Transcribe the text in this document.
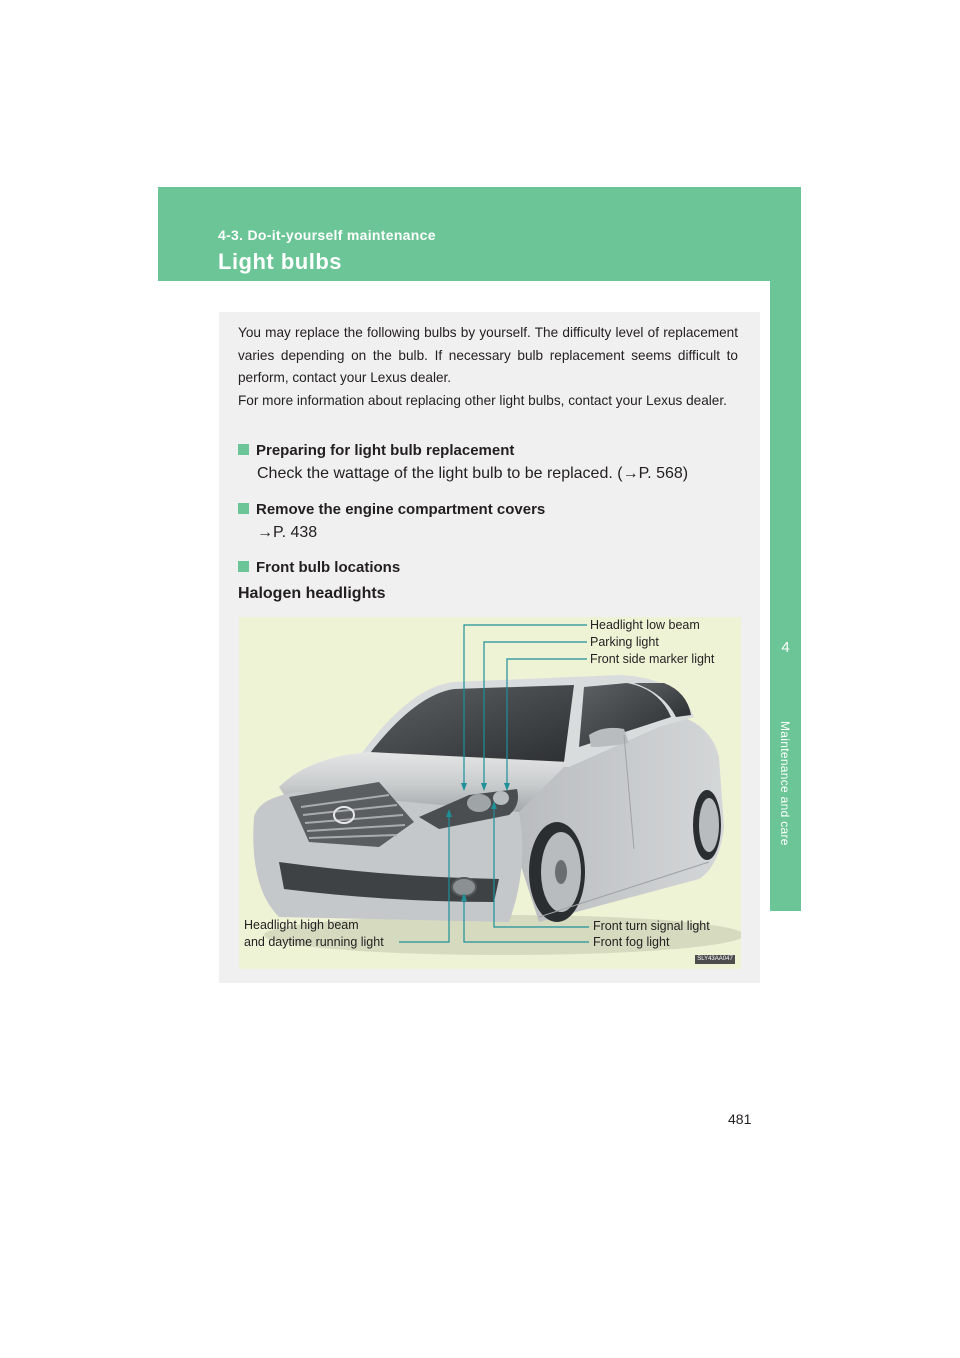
4-3. Do-it-yourself maintenance
Light bulbs
4
Maintenance and care

You may replace the following bulbs by yourself. The difficulty level of replacement varies depending on the bulb. If necessary bulb replacement seems difficult to perform, contact your Lexus dealer.

For more information about replacing other light bulbs, contact your Lexus dealer.

Preparing for light bulb replacement
Check the wattage of the light bulb to be replaced. (→P. 568)
Remove the engine compartment covers
→P. 438
Front bulb locations
Halogen headlights
Headlight low beam
Parking light
Front side marker light
Headlight high beam
and daytime running light
Front turn signal light
Front fog light
SLY43AA047
481
